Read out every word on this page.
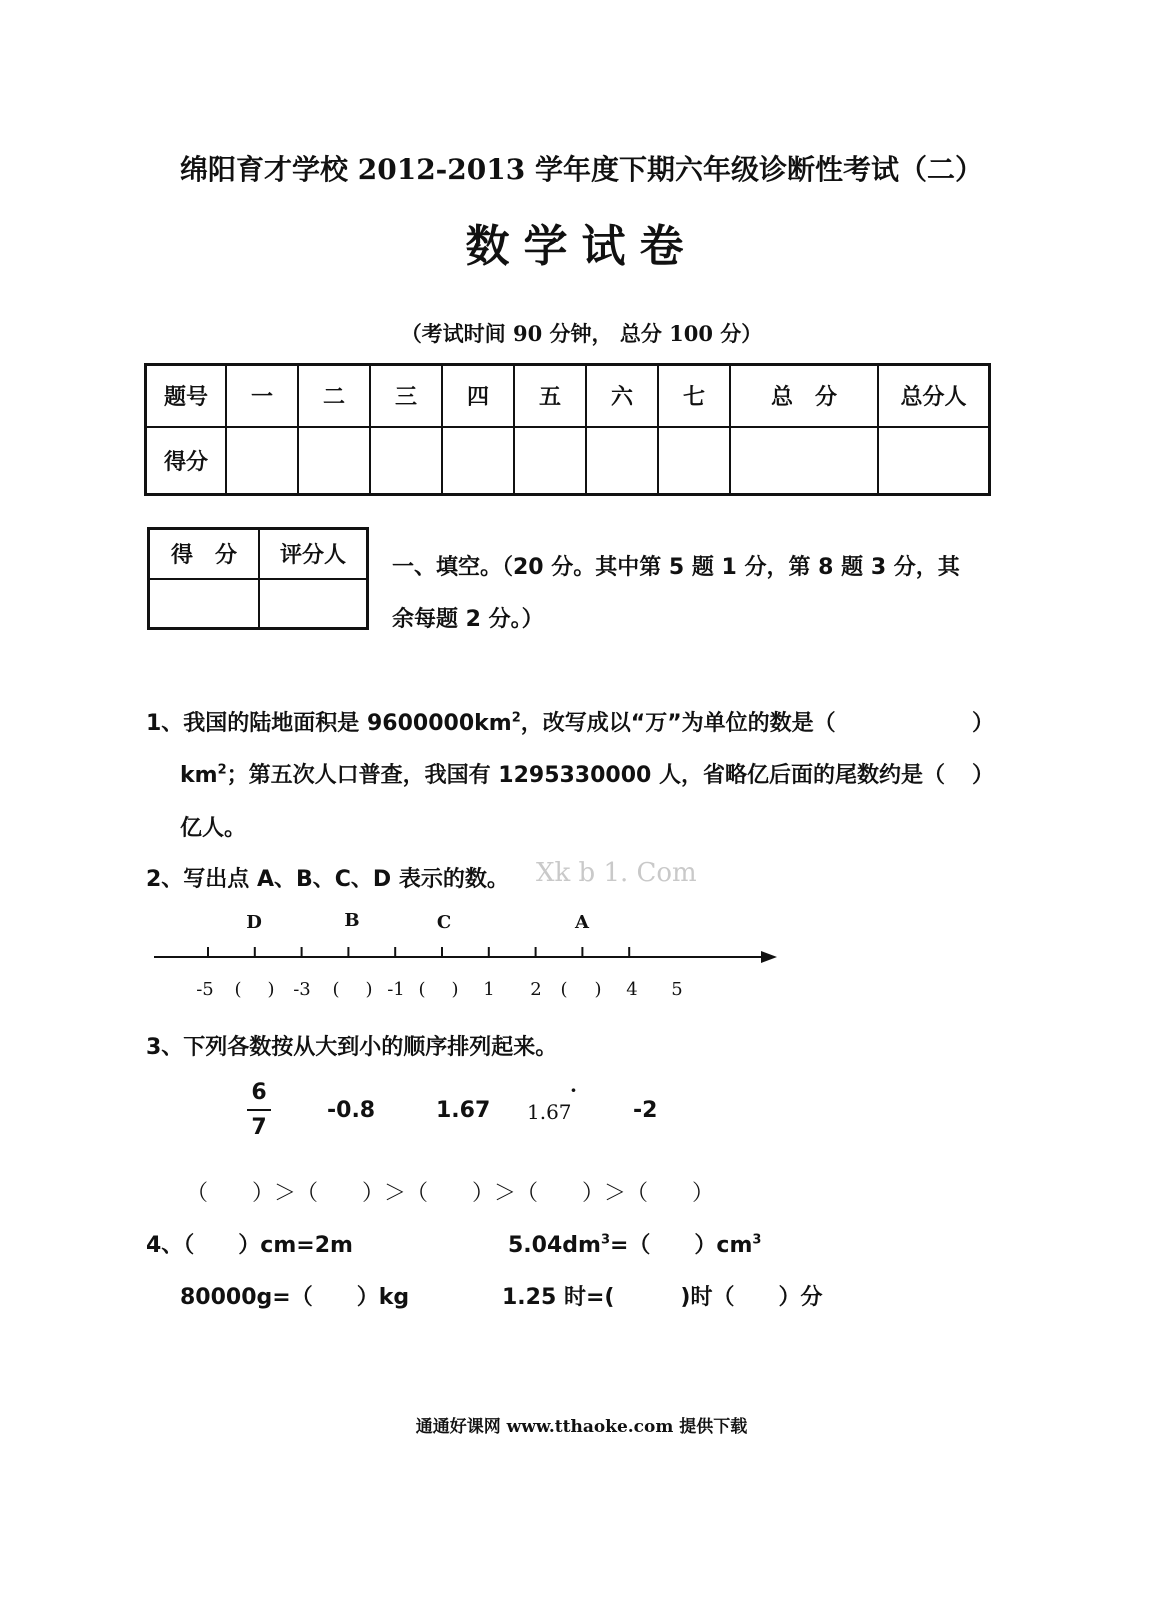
绵阳育才学校 2012-2013 学年度下期六年级诊断性考试（二）
数学试卷
（考试时间 90 分钟， 总分 100 分）
题号	一	二	三	四	五	六	七	总　分	总分人
得分									
得　分	评分人
	一、填空。（20 分。其中第 5 题 1 分，第 8 题 3 分，其
余每题 2 分。）
1、我国的陆地面积是 $9600000km^2$，改写成以“万”为单位的数是（	）
$km^2$；第五次人口普查，我国有 1295330000 人，省略亿后面的尾数约是（ ）
亿人。
2、写出点 A、B、C、D 表示的数。 Xk b 1. Com
D	B	C	A
-5 ( ) -3 ( ) -1 ( ) 1 2 ( ) 4 5
3、下列各数按从大到小的顺序排列起来。
6
7
-0.8	1.67 1.67
·
-2
（　　）＞（　　）＞（　　）＞（　　）＞（　　）
4、（　　）cm=2m	$5.04dm^3=$（　　）$cm^3$
80000g=（　　）kg	1.25 时=(　　　)时（　　）分
通通好课网 www.tthaoke.com 提供下载
